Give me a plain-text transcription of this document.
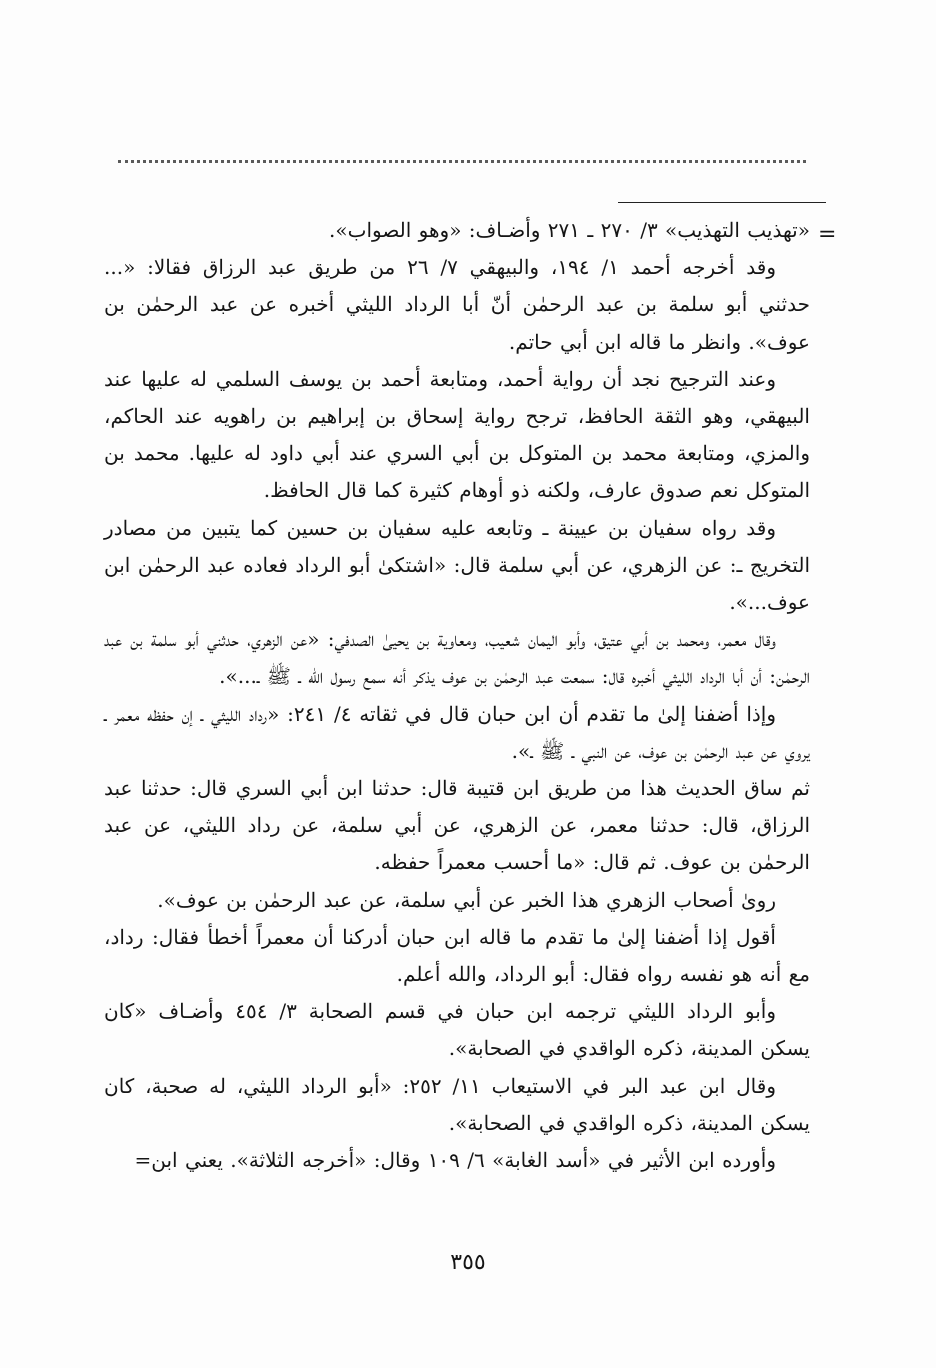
=

«تهذيب التهذيب» ٣/ ٢٧٠ ـ ٢٧١ وأضـاف: «وهو الصواب».

وقد أخرجه أحمد ١/ ١٩٤، والبيهقي ٧/ ٢٦ من طريق عبد الرزاق فقالا: «... حدثني أبو سلمة بن عبد الرحمٰن أنّ أبا الرداد الليثي أخبره عن عبد الرحمٰن بن عوف». وانظر ما قاله ابن أبي حاتم.

وعند الترجيح نجد أن رواية أحمد، ومتابعة أحمد بن يوسف السلمي له عليها عند البيهقي، وهو الثقة الحافظ، ترجح رواية إسحاق بن إبراهيم بن راهويه عند الحاكم، والمزي، ومتابعة محمد بن المتوكل بن أبي السري عند أبي داود له عليها. محمد بن المتوكل نعم صدوق عارف، ولكنه ذو أوهام كثيرة كما قال الحافظ.

وقد رواه سفيان بن عيينة ـ وتابعه عليه سفيان بن حسين كما يتبين من مصادر التخريج ـ: عن الزهري، عن أبي سلمة قال: «اشتكىٰ أبو الرداد فعاده عبد الرحمٰن ابن عوف...».

وقال معمر، ومحمد بن أبي عتيق، وأبو اليمان شعيب، ومعاوية بن يحيىٰ الصدفي: «عن الزهري، حدثني أبو سلمة بن عبد الرحمٰن: أن أبا الرداد الليثي أخبره قال: سمعت عبد الرحمٰن بن عوف يذكر أنه سمع رسول الله ـ ﷺ ـ...».

وإذا أضفنا إلىٰ ما تقدم أن ابن حبان قال في ثقاته ٤/ ٢٤١: «رداد الليثي ـ إن حفظه معمر ـ يروي عن عبد الرحمٰن بن عوف، عن النبي ـ ﷺ ـ».

ثم ساق الحديث هذا من طريق ابن قتيبة قال: حدثنا ابن أبي السري قال: حدثنا عبد الرزاق، قال: حدثنا معمر، عن الزهري، عن أبي سلمة، عن رداد الليثي، عن عبد الرحمٰن بن عوف. ثم قال: «ما أحسب معمراً حفظه.

رویٰ أصحاب الزهري هذا الخبر عن أبي سلمة، عن عبد الرحمٰن بن عوف».

أقول إذا أضفنا إلىٰ ما تقدم ما قاله ابن حبان أدركنا أن معمراً أخطأ فقال: رداد، مع أنه هو نفسه رواه فقال: أبو الرداد، والله أعلم.

وأبو الرداد الليثي ترجمه ابن حبان في قسم الصحابة ٣/ ٤٥٤ وأضـاف «كان يسكن المدينة، ذكره الواقدي في الصحابة».

وقال ابن عبد البر في الاستيعاب ١١/ ٢٥٢: «أبو الرداد الليثي، له صحبة، كان يسكن المدينة، ذكره الواقدي في الصحابة».

وأورده ابن الأثير في «أسد الغابة» ٦/ ١٠٩ وقال: «أخرجه الثلاثة». يعني ابن=

٣٥٥
